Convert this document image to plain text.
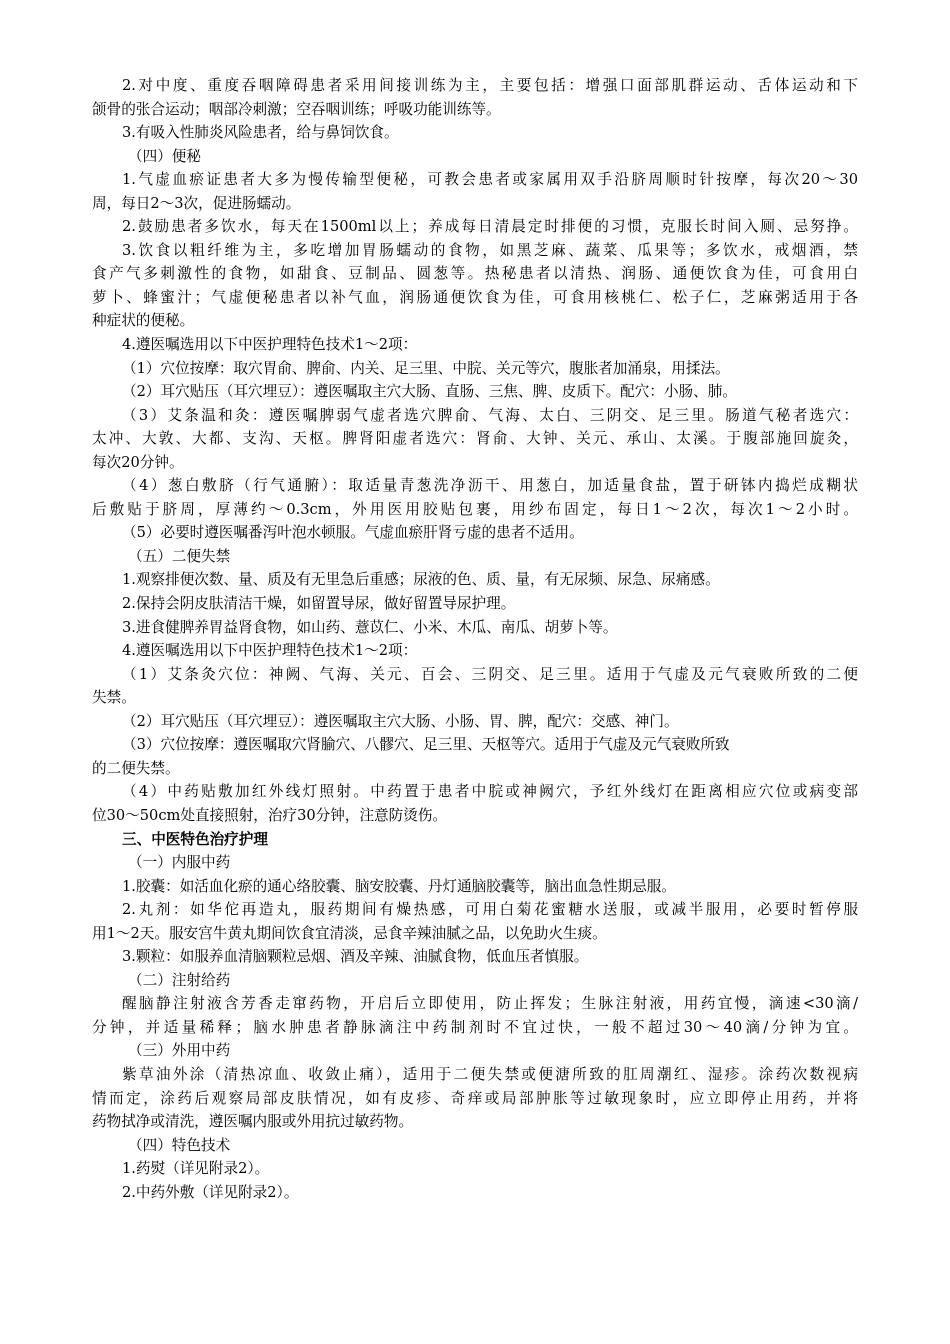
2.对中度、重度吞咽障碍患者采用间接训练为主，主要包括：增强口面部肌群运动、舌体运动和下
颌骨的张合运动；咽部冷刺激；空吞咽训练；呼吸功能训练等。
3.有吸入性肺炎风险患者，给与鼻饲饮食。
（四）便秘
1.气虚血瘀证患者大多为慢传输型便秘，可教会患者或家属用双手沿脐周顺时针按摩，每次20～30
周，每日2～3次，促进肠蠕动。
2.鼓励患者多饮水，每天在1500ml以上；养成每日清晨定时排便的习惯，克服长时间入厕、忌努挣。
3.饮食以粗纤维为主，多吃增加胃肠蠕动的食物，如黑芝麻、蔬菜、瓜果等；多饮水，戒烟酒，禁
食产气多刺激性的食物，如甜食、豆制品、圆葱等。热秘患者以清热、润肠、通便饮食为佳，可食用白
萝卜、蜂蜜汁；气虚便秘患者以补气血，润肠通便饮食为佳，可食用核桃仁、松子仁，芝麻粥适用于各
种症状的便秘。
4.遵医嘱选用以下中医护理特色技术1～2项：
（1）穴位按摩：取穴胃俞、脾俞、内关、足三里、中脘、关元等穴，腹胀者加涌泉，用揉法。
（2）耳穴贴压（耳穴埋豆）：遵医嘱取主穴大肠、直肠、三焦、脾、皮质下。配穴：小肠、肺。
（3）艾条温和灸：遵医嘱脾弱气虚者选穴脾俞、气海、太白、三阴交、足三里。肠道气秘者选穴：
太冲、大敦、大都、支沟、天枢。脾肾阳虚者选穴：肾俞、大钟、关元、承山、太溪。于腹部施回旋灸，
每次20分钟。
（4）葱白敷脐（行气通腑）：取适量青葱洗净沥干、用葱白，加适量食盐，置于研钵内捣烂成糊状
后敷贴于脐周，厚薄约～0.3cm，外用医用胶贴包裹，用纱布固定，每日1～2次，每次1～2小时。
（5）必要时遵医嘱番泻叶泡水顿服。气虚血瘀肝肾亏虚的患者不适用。
（五）二便失禁
1.观察排便次数、量、质及有无里急后重感；尿液的色、质、量，有无尿频、尿急、尿痛感。
2.保持会阴皮肤清洁干燥，如留置导尿，做好留置导尿护理。
3.进食健脾养胃益肾食物，如山药、薏苡仁、小米、木瓜、南瓜、胡萝卜等。
4.遵医嘱选用以下中医护理特色技术1～2项：
（1）艾条灸穴位：神阙、气海、关元、百会、三阴交、足三里。适用于气虚及元气衰败所致的二便
失禁。
（2）耳穴贴压（耳穴埋豆）：遵医嘱取主穴大肠、小肠、胃、脾，配穴：交感、神门。
（3）穴位按摩：遵医嘱取穴肾腧穴、八髎穴、足三里、天枢等穴。适用于气虚及元气衰败所致
的二便失禁。
（4）中药贴敷加红外线灯照射。中药置于患者中脘或神阙穴，予红外线灯在距离相应穴位或病变部
位30～50cm处直接照射，治疗30分钟，注意防烫伤。
三、中医特色治疗护理
（一）内服中药
1.胶囊：如活血化瘀的通心络胶囊、脑安胶囊、丹灯通脑胶囊等，脑出血急性期忌服。
2.丸剂：如华佗再造丸，服药期间有燥热感，可用白菊花蜜糖水送服，或减半服用，必要时暂停服
用1～2天。服安宫牛黄丸期间饮食宜清淡，忌食辛辣油腻之品，以免助火生痰。
3.颗粒：如服养血清脑颗粒忌烟、酒及辛辣、油腻食物，低血压者慎服。
（二）注射给药
醒脑静注射液含芳香走窜药物，开启后立即使用，防止挥发；生脉注射液，用药宜慢，滴速<30滴/
分钟，并适量稀释；脑水肿患者静脉滴注中药制剂时不宜过快，一般不超过30～40滴/分钟为宜。
（三）外用中药
紫草油外涂（清热凉血、收敛止痛），适用于二便失禁或便溏所致的肛周潮红、湿疹。涂药次数视病
情而定，涂药后观察局部皮肤情况，如有皮疹、奇痒或局部肿胀等过敏现象时，应立即停止用药，并将
药物拭净或清洗，遵医嘱内服或外用抗过敏药物。
（四）特色技术
1.药熨（详见附录2）。
2.中药外敷（详见附录2）。
